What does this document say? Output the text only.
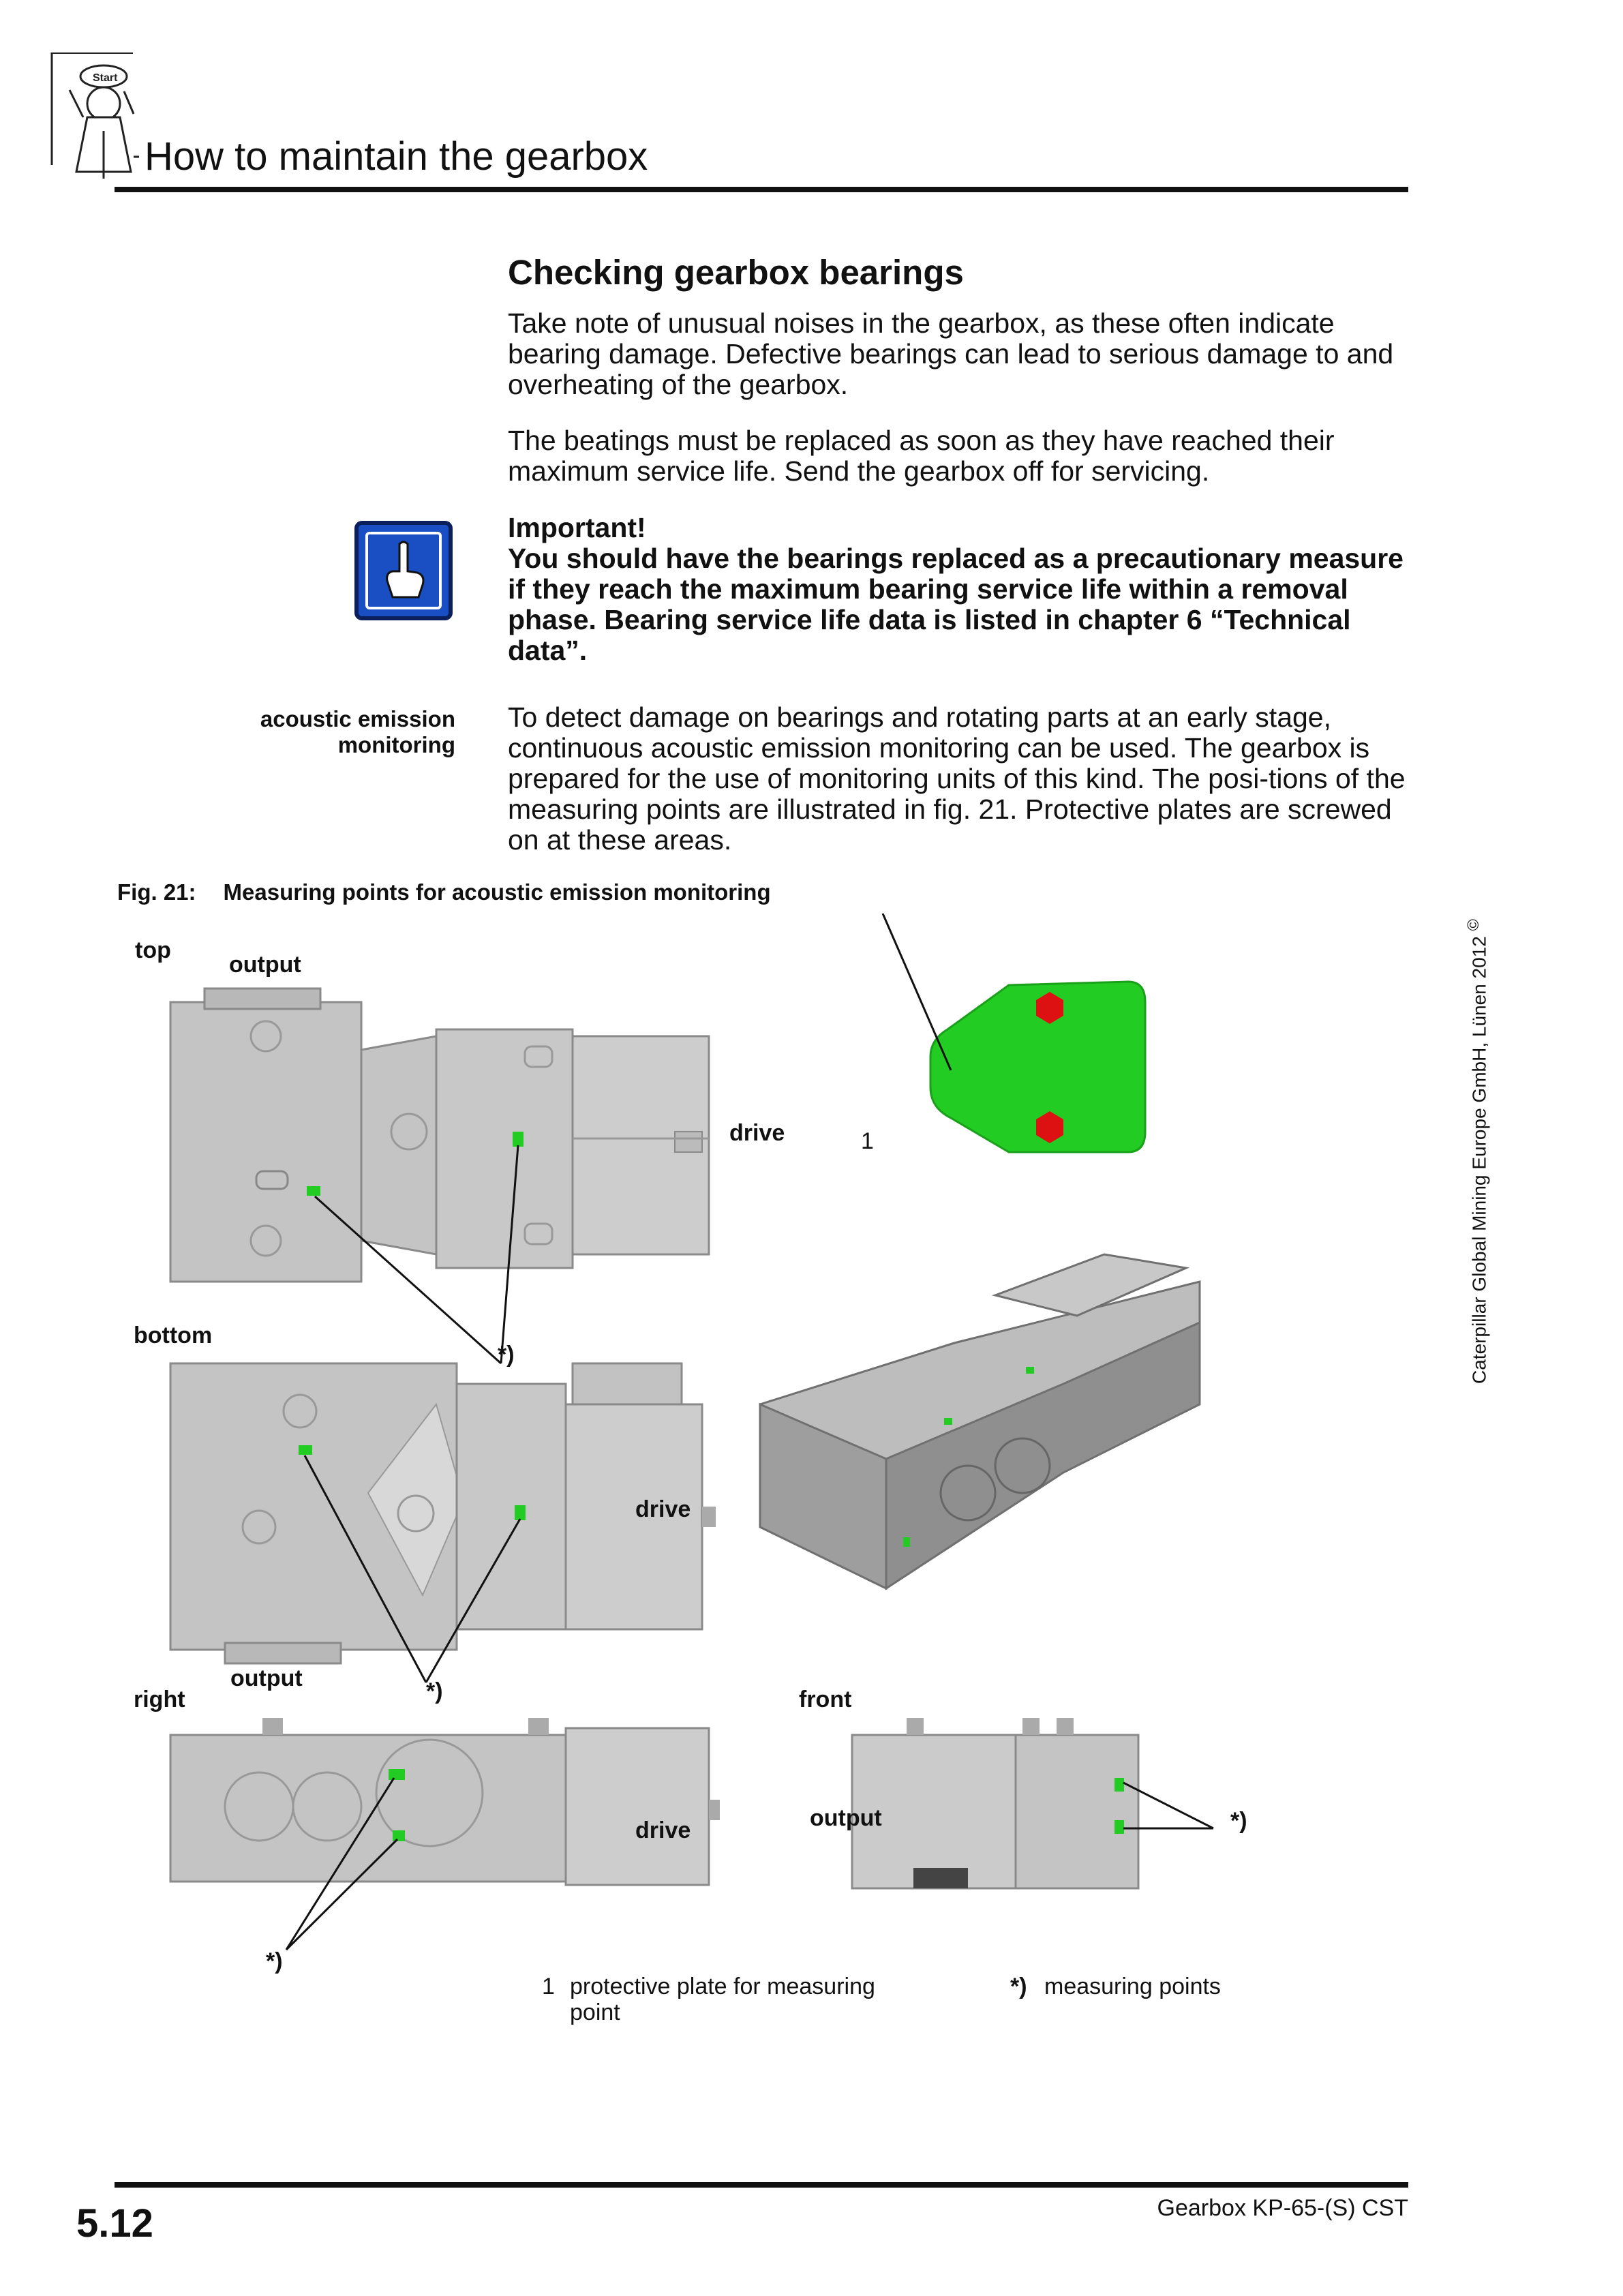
Start
How to maintain the gearbox
Checking gearbox bearings
Take note of unusual noises in the gearbox, as these often indicate bearing damage. Defective bearings can lead to serious damage to and overheating of the gearbox.
The beatings must be replaced as soon as they have reached their maximum service life. Send the gearbox off for servicing.
Important!
You should have the bearings replaced as a precautionary measure if they reach the maximum bearing service life within a removal phase. Bearing service life data is listed in chapter 6 “Technical data”.
acoustic emission monitoring
To detect damage on bearings and rotating parts at an early stage, continuous acoustic emission monitoring can be used. The gearbox is prepared for the use of monitoring units of this kind. The posi-tions of the measuring points are illustrated in fig. 21. Protective plates are screwed on at these areas.
Fig. 21: Measuring points for acoustic emission monitoring
top
output
drive	1
bottom
*)
drive
output	*)
right	front
drive	output	*)
*)
1 protective plate for measuring point
*) measuring points
Caterpillar Global Mining Europe GmbH, Lünen 2012 ©
5.12	Gearbox KP-65-(S) CST
